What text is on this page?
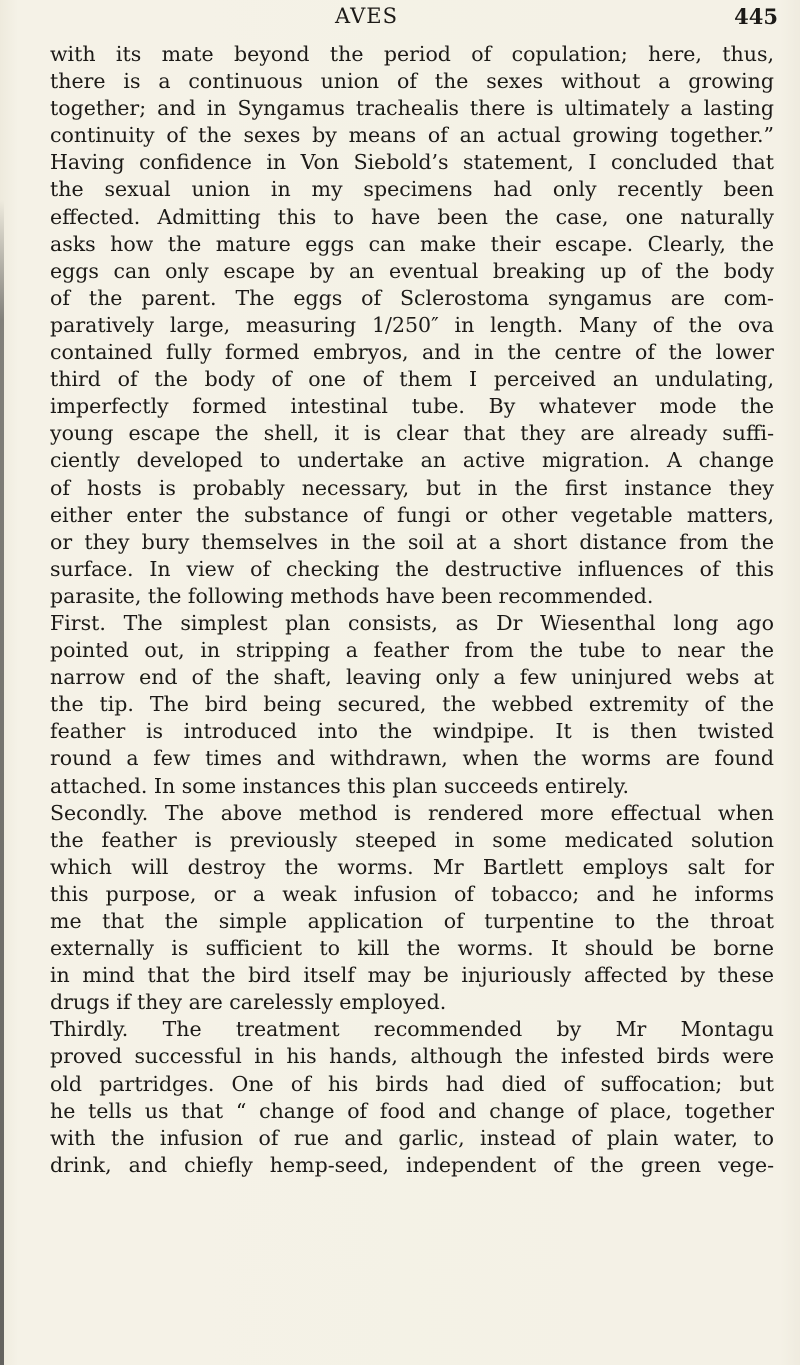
AVES	445
with its mate beyond the period of copulation; here, thus,
there is a continuous union of the sexes without a growing
together; and in Syngamus trachealis there is ultimately a lasting
continuity of the sexes by means of an actual growing together.”
Having confidence in Von Siebold’s statement, I concluded that
the sexual union in my specimens had only recently been
effected. Admitting this to have been the case, one naturally
asks how the mature eggs can make their escape. Clearly, the
eggs can only escape by an eventual breaking up of the body
of the parent. The eggs of Sclerostoma syngamus are com-
paratively large, measuring 1/250″ in length. Many of the ova
contained fully formed embryos, and in the centre of the lower
third of the body of one of them I perceived an undulating,
imperfectly formed intestinal tube. By whatever mode the
young escape the shell, it is clear that they are already suffi-
ciently developed to undertake an active migration. A change
of hosts is probably necessary, but in the first instance they
either enter the substance of fungi or other vegetable matters,
or they bury themselves in the soil at a short distance from the
surface. In view of checking the destructive influences of this
parasite, the following methods have been recommended.
First. The simplest plan consists, as Dr Wiesenthal long ago
pointed out, in stripping a feather from the tube to near the
narrow end of the shaft, leaving only a few uninjured webs at
the tip. The bird being secured, the webbed extremity of the
feather is introduced into the windpipe. It is then twisted
round a few times and withdrawn, when the worms are found
attached. In some instances this plan succeeds entirely.
Secondly. The above method is rendered more effectual when
the feather is previously steeped in some medicated solution
which will destroy the worms. Mr Bartlett employs salt for
this purpose, or a weak infusion of tobacco; and he informs
me that the simple application of turpentine to the throat
externally is sufficient to kill the worms. It should be borne
in mind that the bird itself may be injuriously affected by these
drugs if they are carelessly employed.
Thirdly. The treatment recommended by Mr Montagu
proved successful in his hands, although the infested birds were
old partridges. One of his birds had died of suffocation; but
he tells us that “ change of food and change of place, together
with the infusion of rue and garlic, instead of plain water, to
drink, and chiefly hemp-seed, independent of the green vege-
